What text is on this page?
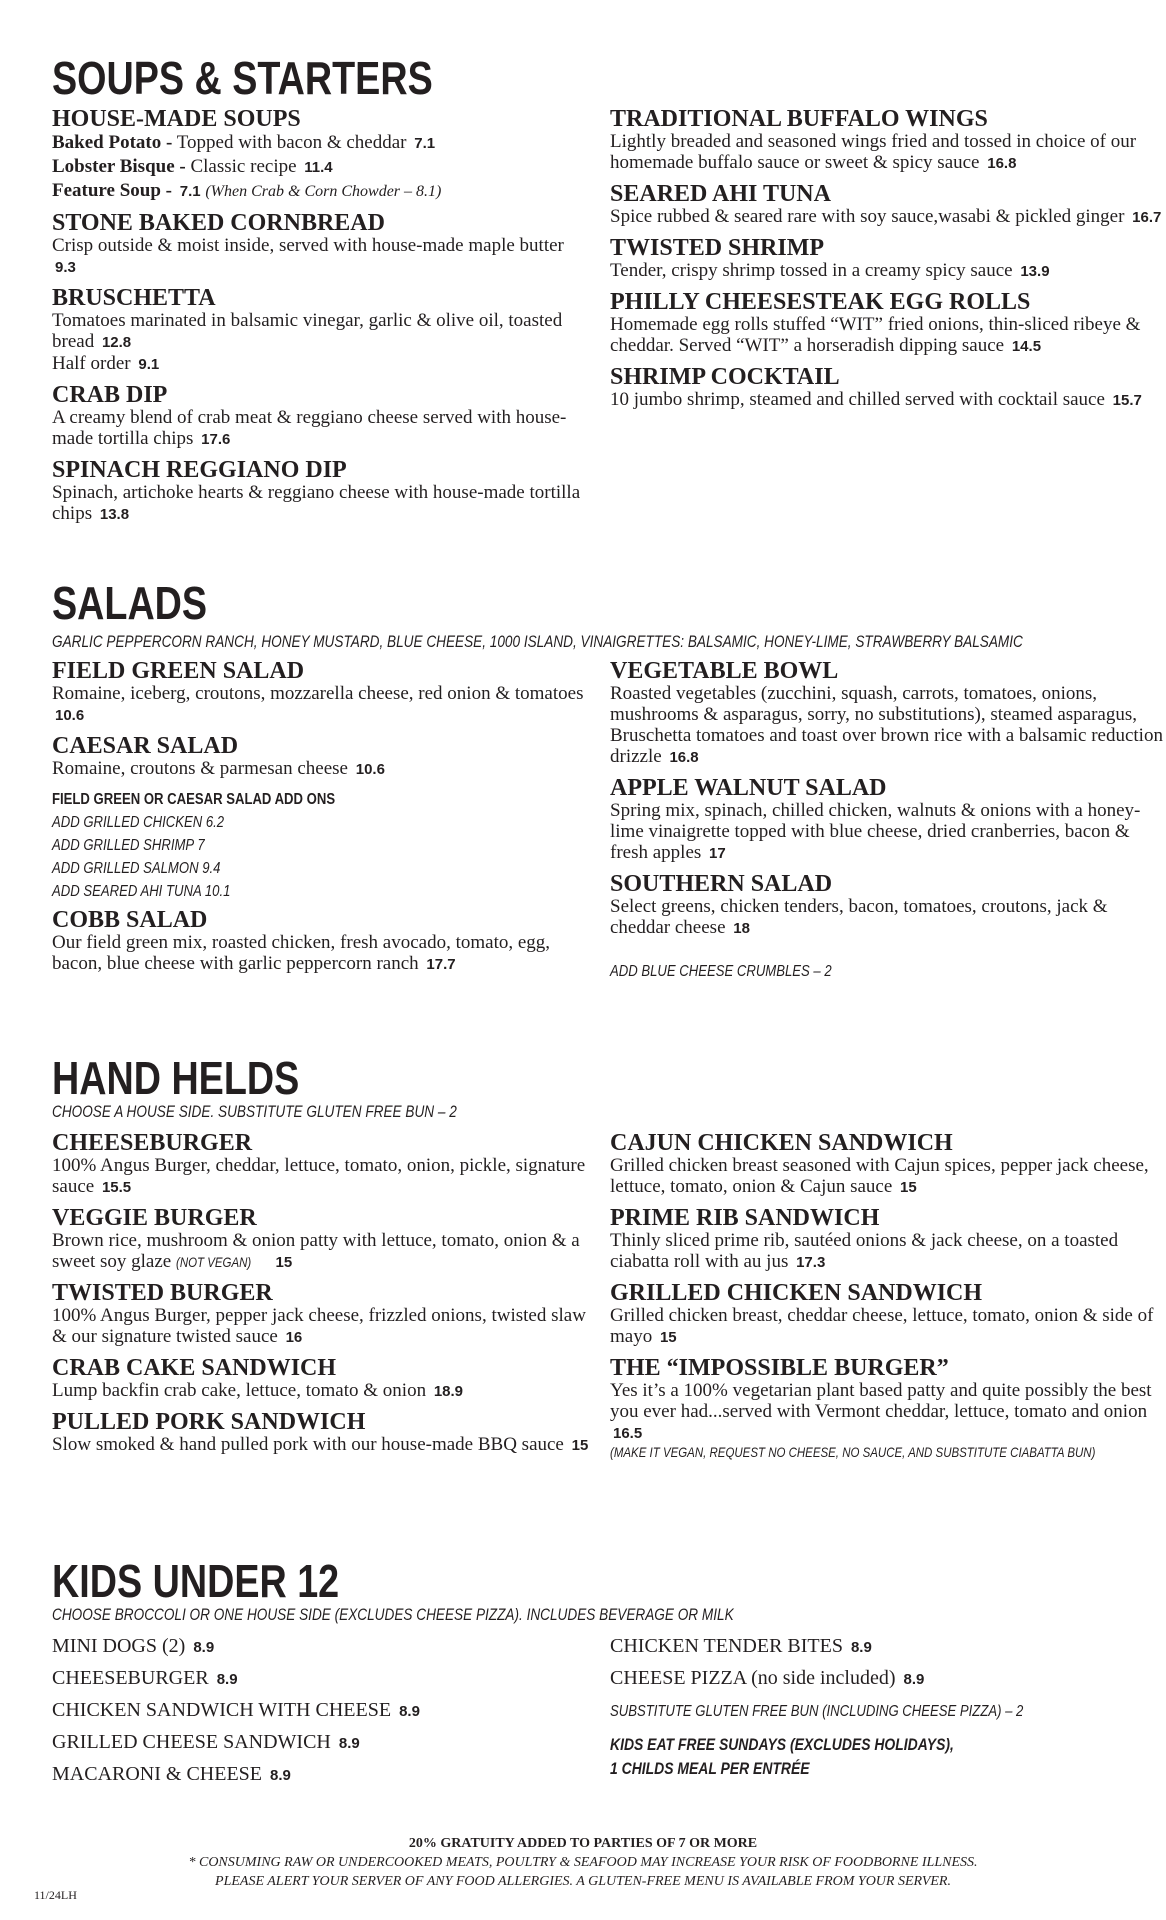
SOUPS & STARTERS
HOUSE-MADE SOUPS
Baked Potato - Topped with bacon & cheddar 7.1
Lobster Bisque - Classic recipe 11.4
Feature Soup - 7.1 (When Crab & Corn Chowder – 8.1)
STONE BAKED CORNBREAD
Crisp outside & moist inside, served with house-made maple butter 9.3
BRUSCHETTA
Tomatoes marinated in balsamic vinegar, garlic & olive oil, toasted bread 12.8
Half order 9.1
CRAB DIP
A creamy blend of crab meat & reggiano cheese served with house-made tortilla chips 17.6
SPINACH REGGIANO DIP
Spinach, artichoke hearts & reggiano cheese with house-made tortilla chips 13.8
TRADITIONAL BUFFALO WINGS
Lightly breaded and seasoned wings fried and tossed in choice of our homemade buffalo sauce or sweet & spicy sauce 16.8
SEARED AHI TUNA
Spice rubbed & seared rare with soy sauce,wasabi & pickled ginger 16.7
TWISTED SHRIMP
Tender, crispy shrimp tossed in a creamy spicy sauce 13.9
PHILLY CHEESESTEAK EGG ROLLS
Homemade egg rolls stuffed “WIT” fried onions, thin-sliced ribeye & cheddar. Served “WIT” a horseradish dipping sauce 14.5
SHRIMP COCKTAIL
10 jumbo shrimp, steamed and chilled served with cocktail sauce 15.7
SALADS
GARLIC PEPPERCORN RANCH, HONEY MUSTARD, BLUE CHEESE, 1000 ISLAND, VINAIGRETTES: BALSAMIC, HONEY-LIME, STRAWBERRY BALSAMIC
FIELD GREEN SALAD
Romaine, iceberg, croutons, mozzarella cheese, red onion & tomatoes 10.6
CAESAR SALAD
Romaine, croutons & parmesan cheese 10.6
FIELD GREEN OR CAESAR SALAD ADD ONS
ADD GRILLED CHICKEN 6.2
ADD GRILLED SHRIMP 7
ADD GRILLED SALMON 9.4
ADD SEARED AHI TUNA 10.1
COBB SALAD
Our field green mix, roasted chicken, fresh avocado, tomato, egg, bacon, blue cheese with garlic peppercorn ranch 17.7
VEGETABLE BOWL
Roasted vegetables (zucchini, squash, carrots, tomatoes, onions, mushrooms & asparagus, sorry, no substitutions), steamed asparagus, Bruschetta tomatoes and toast over brown rice with a balsamic reduction drizzle 16.8
APPLE WALNUT SALAD
Spring mix, spinach, chilled chicken, walnuts & onions with a honey-lime vinaigrette topped with blue cheese, dried cranberries, bacon & fresh apples 17
SOUTHERN SALAD
Select greens, chicken tenders, bacon, tomatoes, croutons, jack & cheddar cheese 18
ADD BLUE CHEESE CRUMBLES – 2
HAND HELDS
CHOOSE A HOUSE SIDE. SUBSTITUTE GLUTEN FREE BUN – 2
CHEESEBURGER
100% Angus Burger, cheddar, lettuce, tomato, onion, pickle, signature sauce 15.5
VEGGIE BURGER
Brown rice, mushroom & onion patty with lettuce, tomato, onion & a sweet soy glaze (NOT VEGAN) 15
TWISTED BURGER
100% Angus Burger, pepper jack cheese, frizzled onions, twisted slaw & our signature twisted sauce 16
CRAB CAKE SANDWICH
Lump backfin crab cake, lettuce, tomato & onion 18.9
PULLED PORK SANDWICH
Slow smoked & hand pulled pork with our house-made BBQ sauce 15
CAJUN CHICKEN SANDWICH
Grilled chicken breast seasoned with Cajun spices, pepper jack cheese, lettuce, tomato, onion & Cajun sauce 15
PRIME RIB SANDWICH
Thinly sliced prime rib, sautéed onions & jack cheese, on a toasted ciabatta roll with au jus 17.3
GRILLED CHICKEN SANDWICH
Grilled chicken breast, cheddar cheese, lettuce, tomato, onion & side of mayo 15
THE “IMPOSSIBLE BURGER”
Yes it’s a 100% vegetarian plant based patty and quite possibly the best you ever had...served with Vermont cheddar, lettuce, tomato and onion 16.5
(MAKE IT VEGAN, REQUEST NO CHEESE, NO SAUCE, AND SUBSTITUTE CIABATTA BUN)
KIDS UNDER 12
CHOOSE BROCCOLI OR ONE HOUSE SIDE (EXCLUDES CHEESE PIZZA). INCLUDES BEVERAGE OR MILK
MINI DOGS (2) 8.9
CHEESEBURGER 8.9
CHICKEN SANDWICH WITH CHEESE 8.9
GRILLED CHEESE SANDWICH 8.9
MACARONI & CHEESE 8.9
CHICKEN TENDER BITES 8.9
CHEESE PIZZA (no side included) 8.9
SUBSTITUTE GLUTEN FREE BUN (INCLUDING CHEESE PIZZA) – 2
KIDS EAT FREE SUNDAYS (EXCLUDES HOLIDAYS),
1 CHILDS MEAL PER ENTRÉE
20% GRATUITY ADDED TO PARTIES OF 7 OR MORE
* CONSUMING RAW OR UNDERCOOKED MEATS, POULTRY & SEAFOOD MAY INCREASE YOUR RISK OF FOODBORNE ILLNESS.
PLEASE ALERT YOUR SERVER OF ANY FOOD ALLERGIES. A GLUTEN-FREE MENU IS AVAILABLE FROM YOUR SERVER.
11/24LH
